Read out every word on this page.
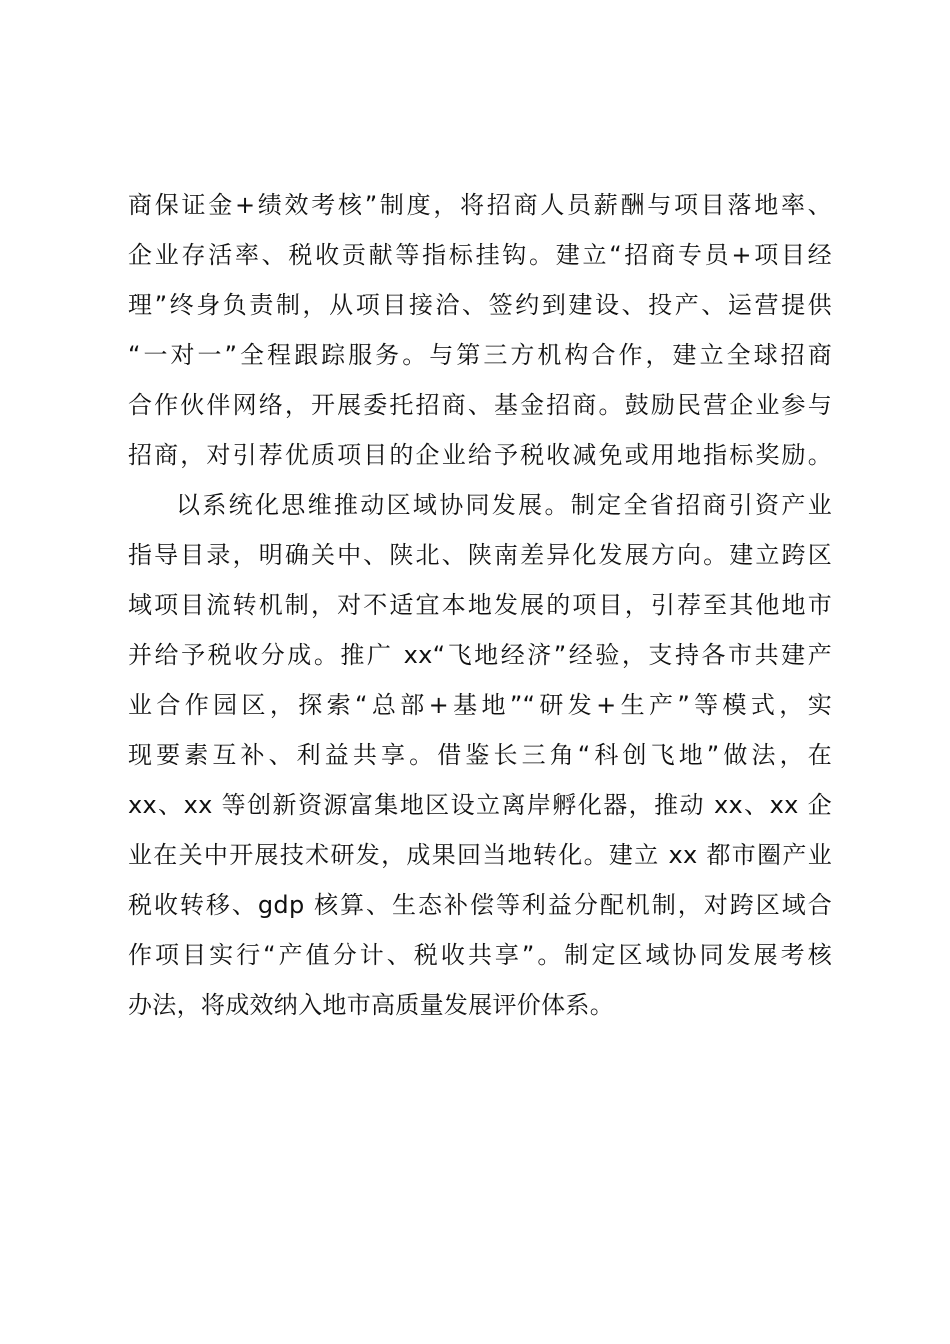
商保证金+绩效考核”制度，将招商人员薪酬与项目落地率、
企业存活率、税收贡献等指标挂钩。建立“招商专员+项目经
理”终身负责制，从项目接洽、签约到建设、投产、运营提供
“一对一”全程跟踪服务。与第三方机构合作，建立全球招商
合作伙伴网络，开展委托招商、基金招商。鼓励民营企业参与
招商，对引荐优质项目的企业给予税收减免或用地指标奖励。
以系统化思维推动区域协同发展。制定全省招商引资产业
指导目录，明确关中、陕北、陕南差异化发展方向。建立跨区
域项目流转机制，对不适宜本地发展的项目，引荐至其他地市
并给予税收分成。推广 xx“飞地经济”经验，支持各市共建产
业合作园区，探索“总部+基地”“研发+生产”等模式，实
现要素互补、利益共享。借鉴长三角“科创飞地”做法，在
xx、xx 等创新资源富集地区设立离岸孵化器，推动 xx、xx 企
业在关中开展技术研发，成果回当地转化。建立 xx 都市圈产业
税收转移、gdp 核算、生态补偿等利益分配机制，对跨区域合
作项目实行“产值分计、税收共享”。制定区域协同发展考核
办法，将成效纳入地市高质量发展评价体系。
